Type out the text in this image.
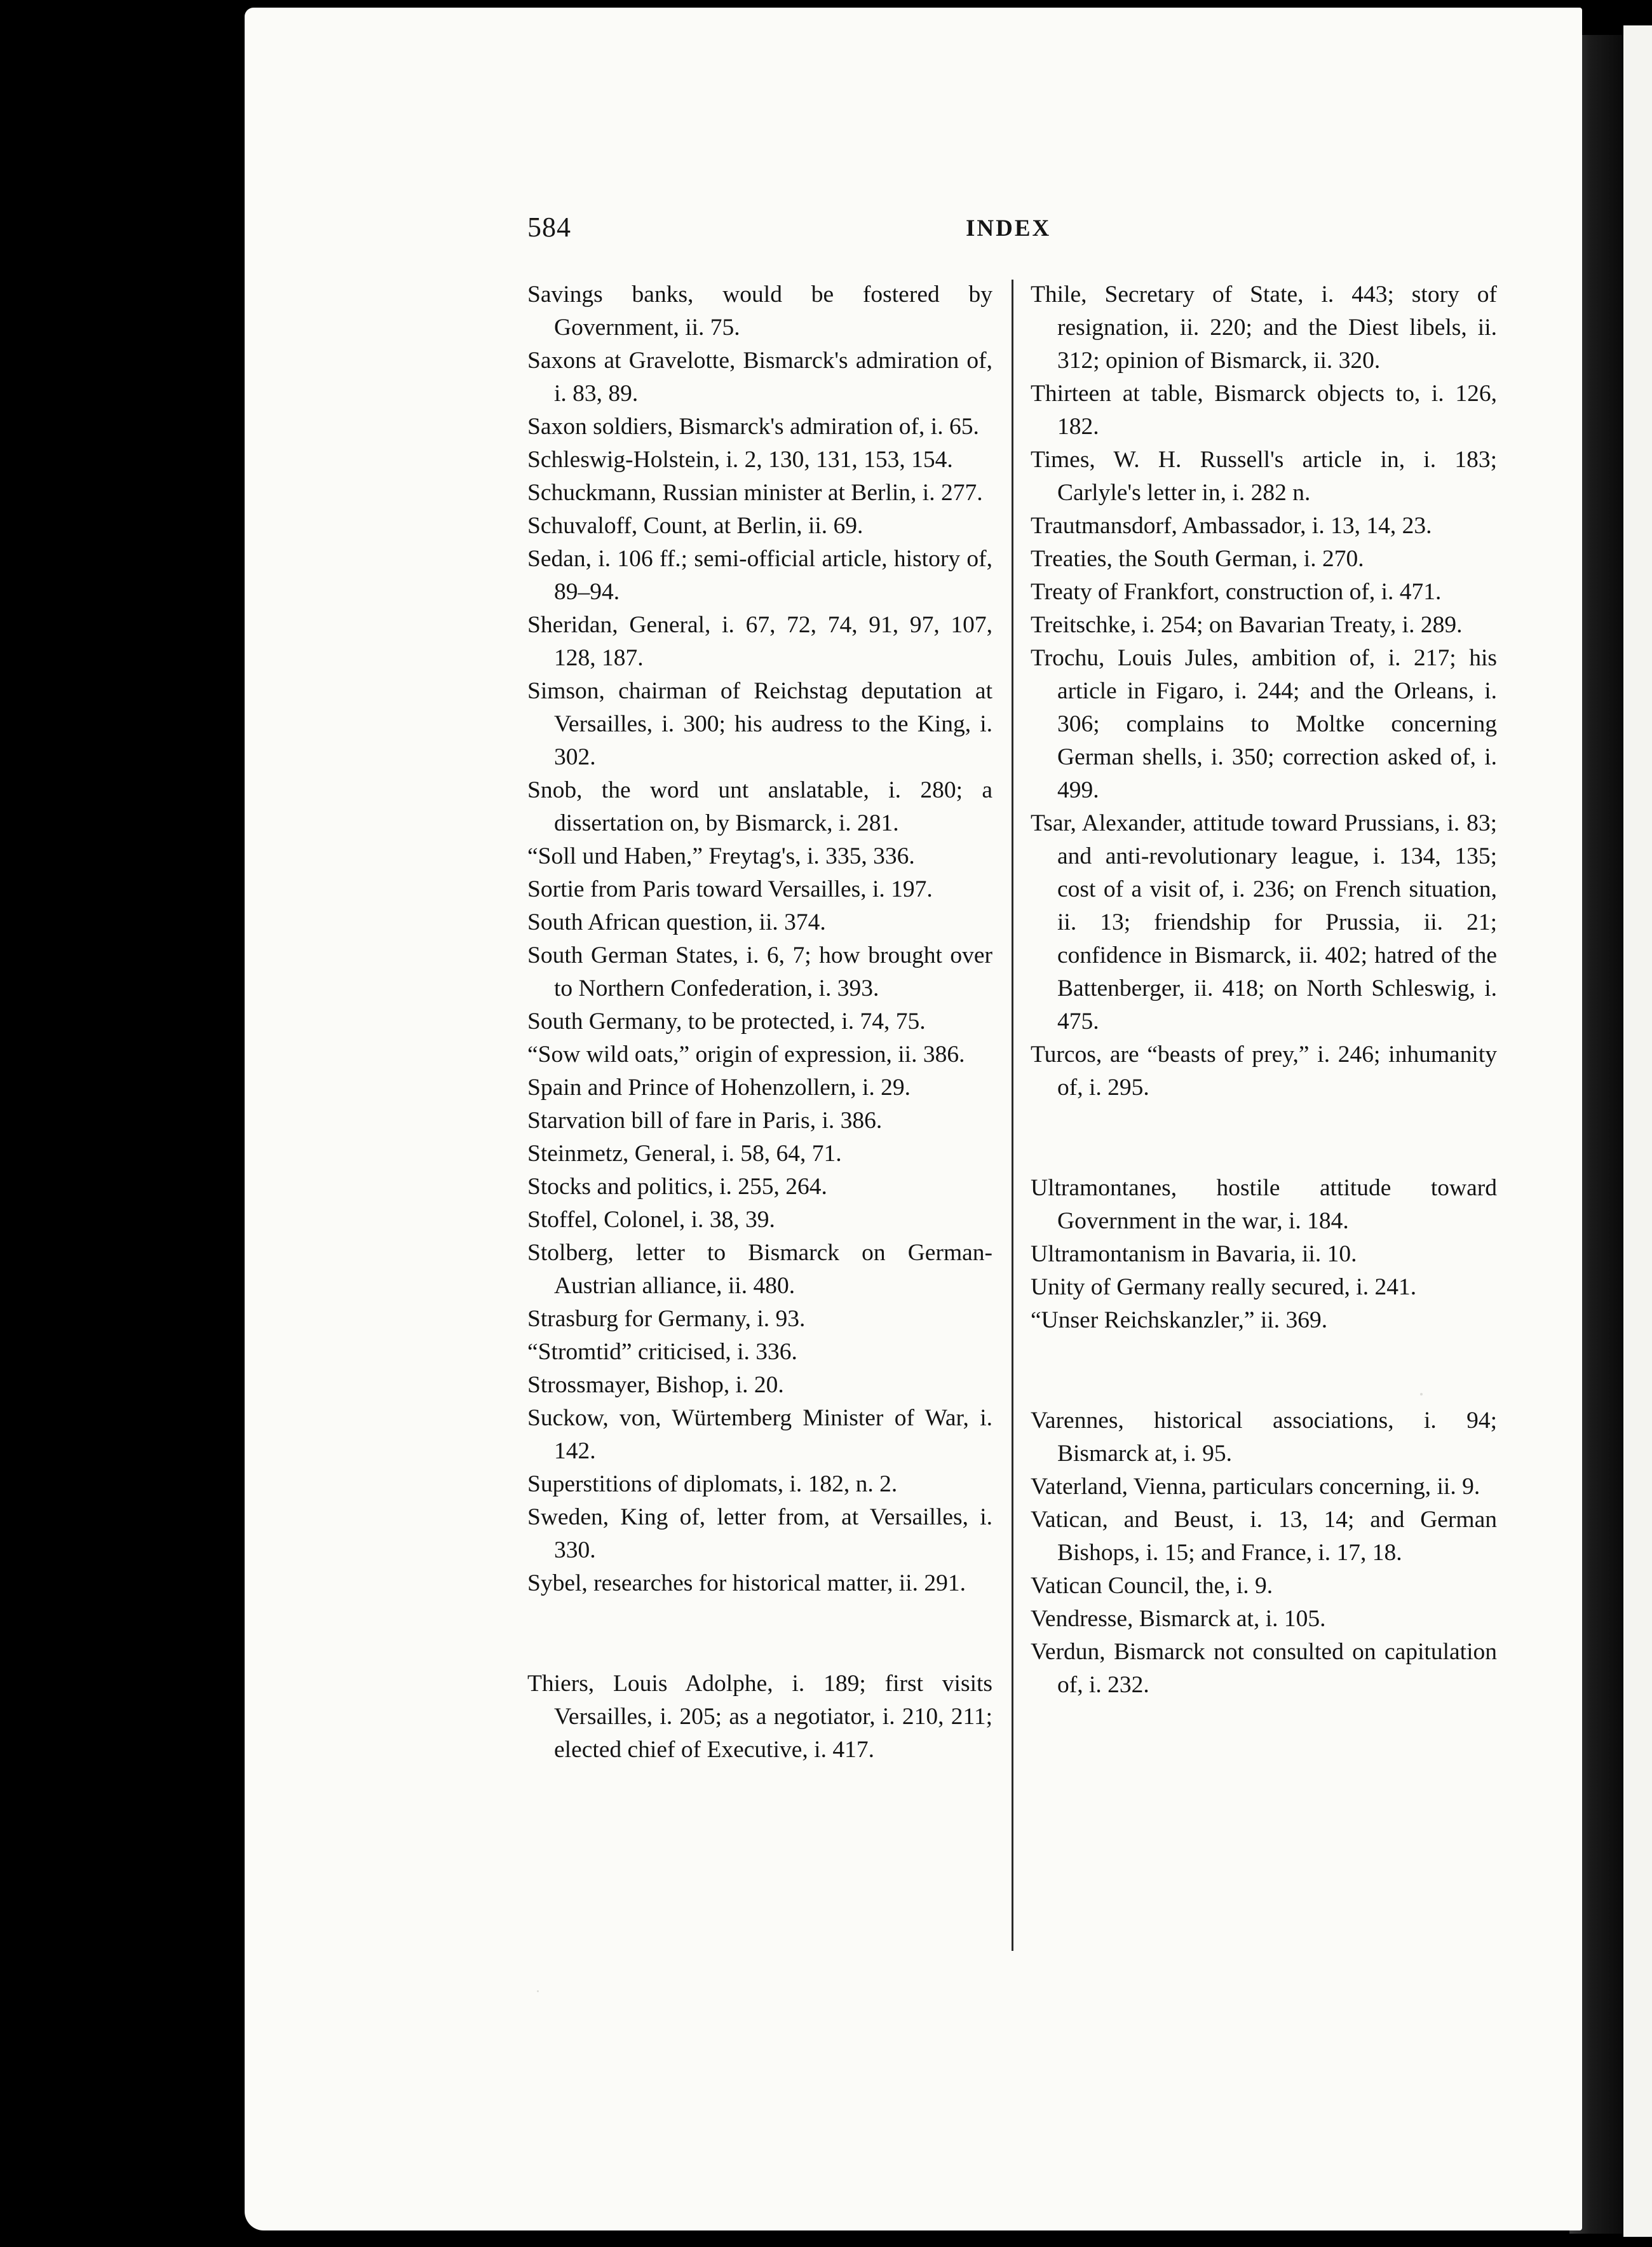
584	INDEX

Savings banks, would be fostered by Government, ii. 75.

Saxons at Gravelotte, Bismarck's admiration of, i. 83, 89.

Saxon soldiers, Bismarck's admiration of, i. 65.

Schleswig-Holstein, i. 2, 130, 131, 153, 154.

Schuckmann, Russian minister at Berlin, i. 277.

Schuvaloff, Count, at Berlin, ii. 69.

Sedan, i. 106 ff.; semi-official article, history of, 89–94.

Sheridan, General, i. 67, 72, 74, 91, 97, 107, 128, 187.

Simson, chairman of Reichstag deputation at Versailles, i. 300; his audress to the King, i. 302.

Snob, the word unt anslatable, i. 280; a dissertation on, by Bismarck, i. 281.

“Soll und Haben,” Freytag's, i. 335, 336.

Sortie from Paris toward Versailles, i. 197.

South African question, ii. 374.

South German States, i. 6, 7; how brought over to Northern Confederation, i. 393.

South Germany, to be protected, i. 74, 75.

“Sow wild oats,” origin of expression, ii. 386.

Spain and Prince of Hohenzollern, i. 29.

Starvation bill of fare in Paris, i. 386.

Steinmetz, General, i. 58, 64, 71.

Stocks and politics, i. 255, 264.

Stoffel, Colonel, i. 38, 39.

Stolberg, letter to Bismarck on German-Austrian alliance, ii. 480.

Strasburg for Germany, i. 93.

“Stromtid” criticised, i. 336.

Strossmayer, Bishop, i. 20.

Suckow, von, Würtemberg Minister of War, i. 142.

Superstitions of diplomats, i. 182, n. 2.

Sweden, King of, letter from, at Versailles, i. 330.

Sybel, researches for historical matter, ii. 291.

Thiers, Louis Adolphe, i. 189; first visits Versailles, i. 205; as a negotiator, i. 210, 211; elected chief of Executive, i. 417.

Thile, Secretary of State, i. 443; story of resignation, ii. 220; and the Diest libels, ii. 312; opinion of Bismarck, ii. 320.

Thirteen at table, Bismarck objects to, i. 126, 182.

Times, W. H. Russell's article in, i. 183; Carlyle's letter in, i. 282 n.

Trautmansdorf, Ambassador, i. 13, 14, 23.

Treaties, the South German, i. 270.

Treaty of Frankfort, construction of, i. 471.

Treitschke, i. 254; on Bavarian Treaty, i. 289.

Trochu, Louis Jules, ambition of, i. 217; his article in Figaro, i. 244; and the Orleans, i. 306; complains to Moltke concerning German shells, i. 350; correction asked of, i. 499.

Tsar, Alexander, attitude toward Prussians, i. 83; and anti-revolutionary league, i. 134, 135; cost of a visit of, i. 236; on French situation, ii. 13; friendship for Prussia, ii. 21; confidence in Bismarck, ii. 402; hatred of the Battenberger, ii. 418; on North Schleswig, i. 475.

Turcos, are “beasts of prey,” i. 246; inhumanity of, i. 295.

Ultramontanes, hostile attitude toward Government in the war, i. 184.

Ultramontanism in Bavaria, ii. 10.

Unity of Germany really secured, i. 241.

“Unser Reichskanzler,” ii. 369.

Varennes, historical associations, i. 94; Bismarck at, i. 95.

Vaterland, Vienna, particulars concerning, ii. 9.

Vatican, and Beust, i. 13, 14; and German Bishops, i. 15; and France, i. 17, 18.

Vatican Council, the, i. 9.

Vendresse, Bismarck at, i. 105.

Verdun, Bismarck not consulted on capitulation of, i. 232.
